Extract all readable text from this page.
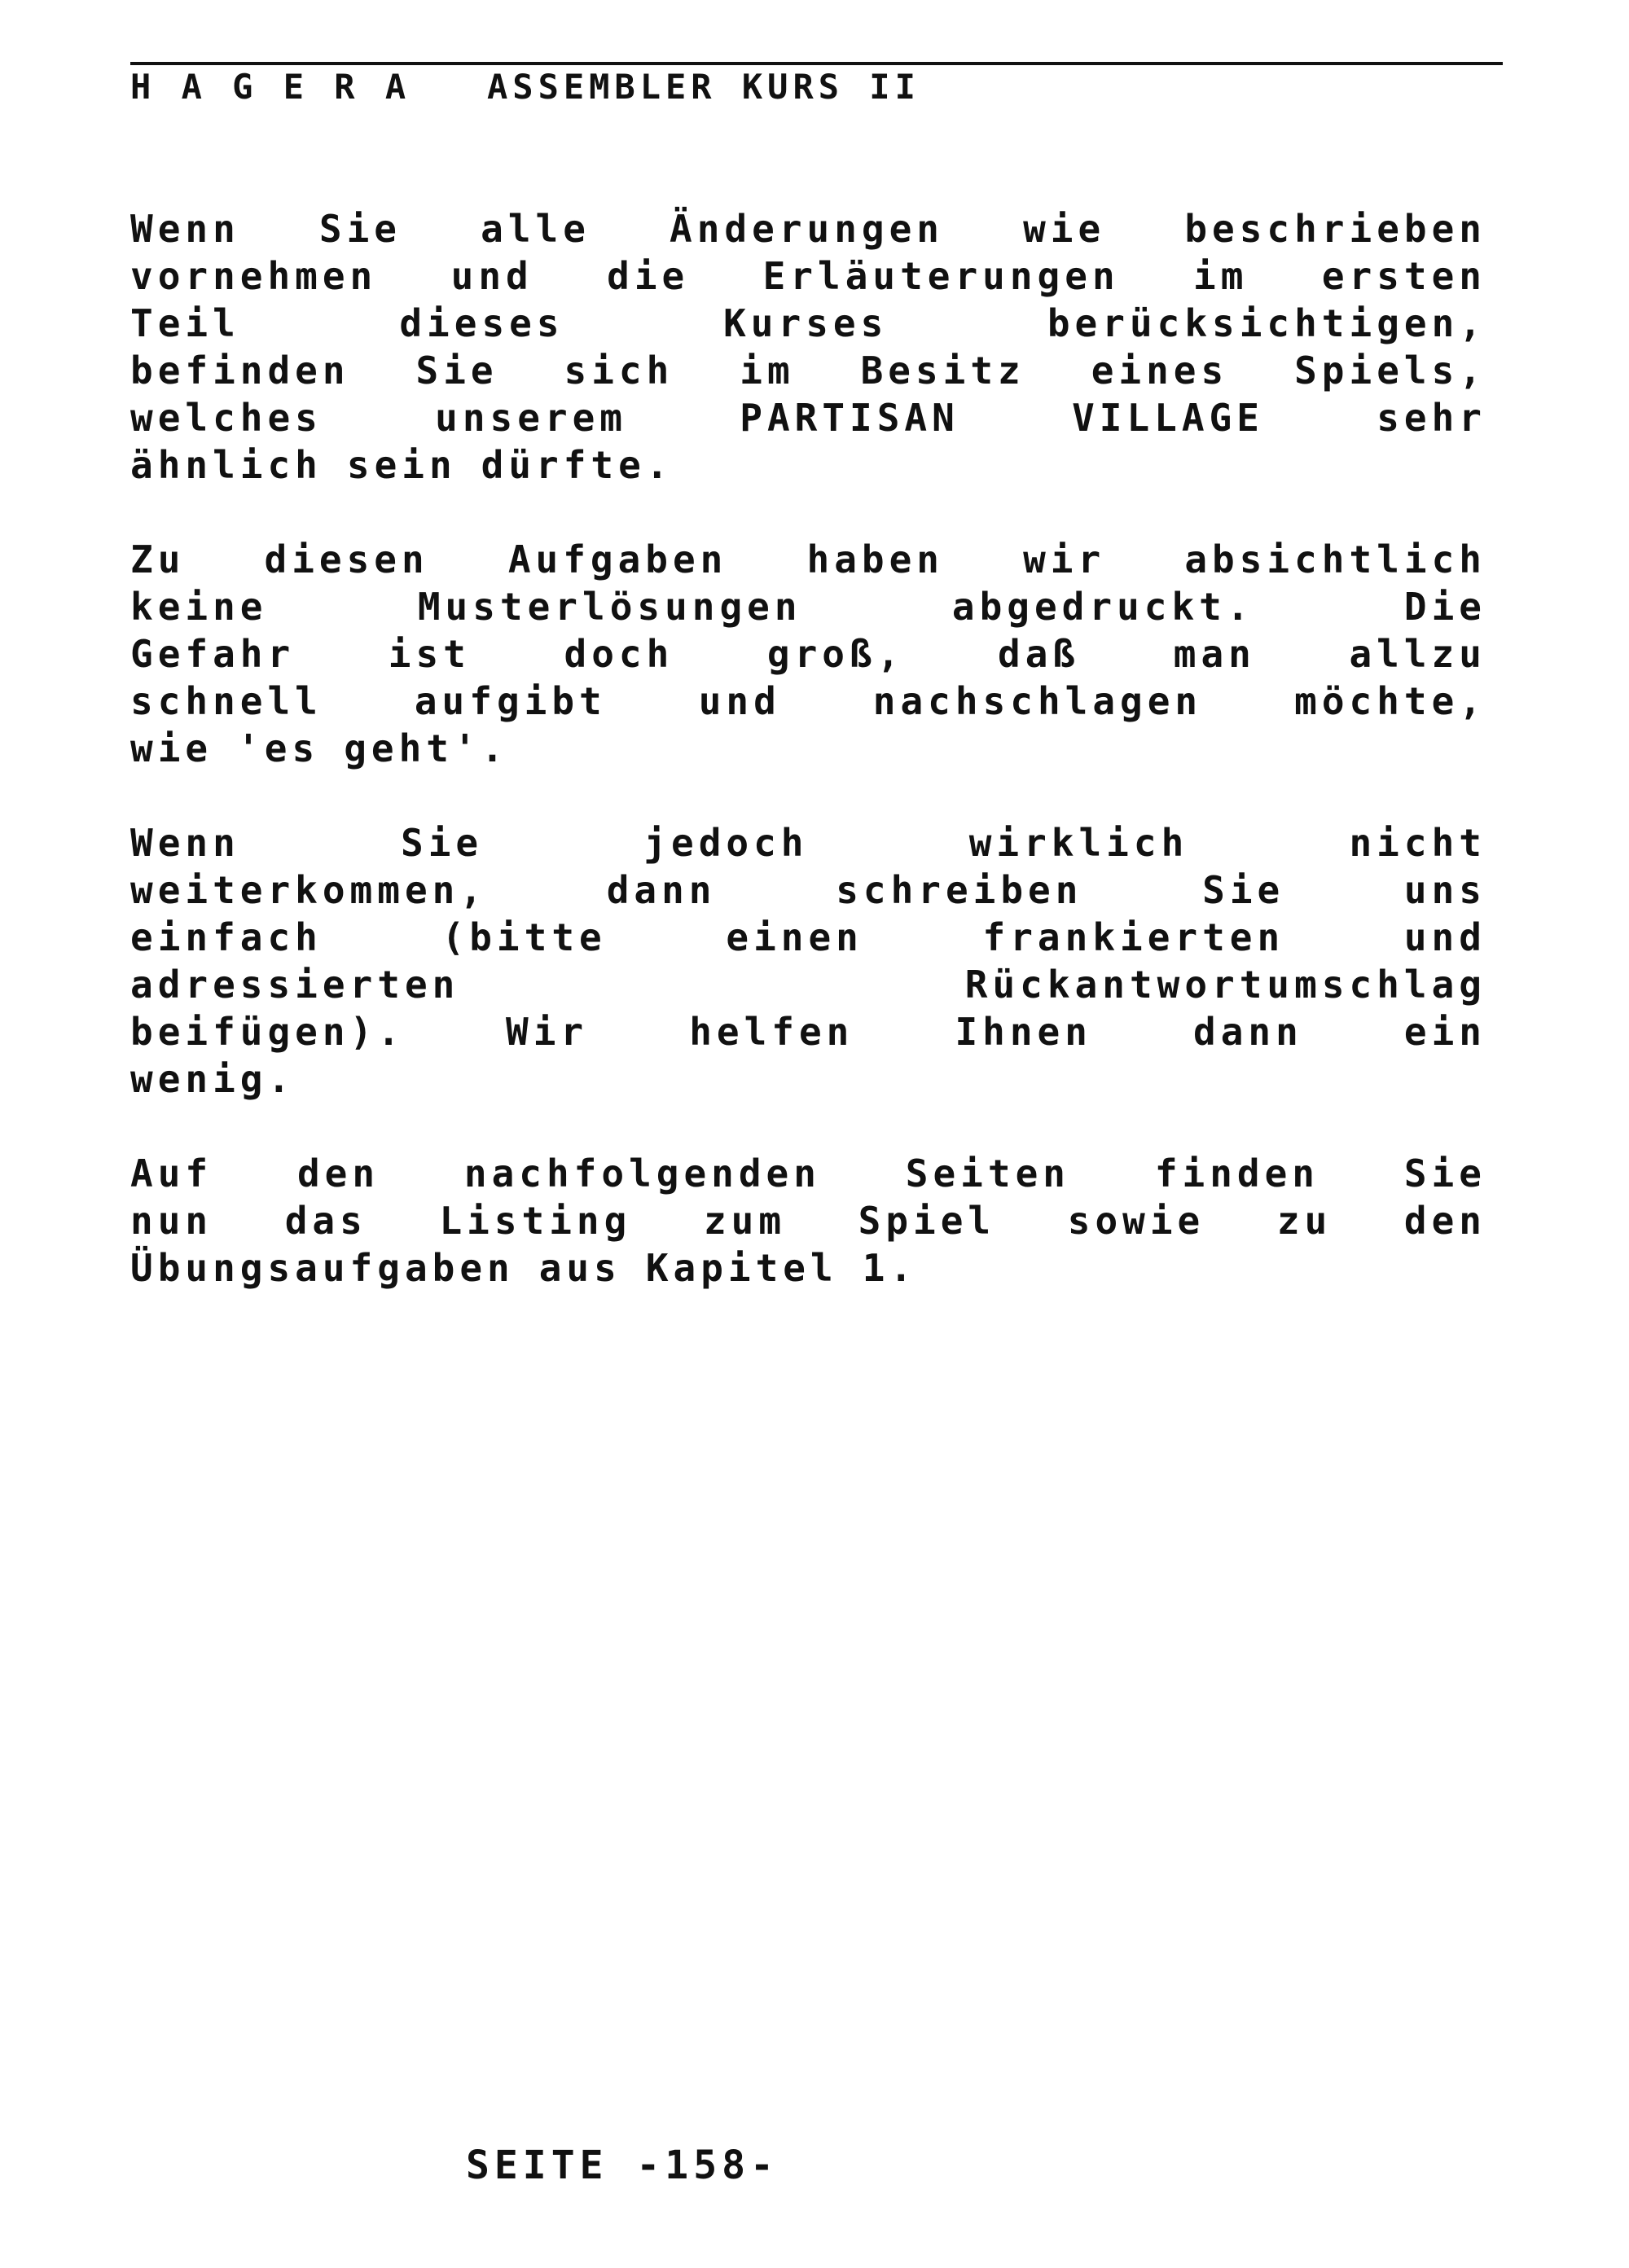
H A G E R A   ASSEMBLER KURS II
Wenn Sie alle Änderungen wie beschrieben
vornehmen und die Erläuterungen im ersten
Teil	dieses	Kurses	berücksichtigen,
befinden Sie sich im Besitz eines Spiels,
welches	unserem	PARTISAN	VILLAGE	sehr
ähnlich sein dürfte.
Zu diesen Aufgaben haben wir absichtlich
keine	Musterlösungen	abgedruckt.	Die
Gefahr ist doch groß, daß man allzu
schnell aufgibt und nachschlagen möchte,
wie 'es geht'.
Wenn	Sie	jedoch	wirklich	nicht
weiterkommen,	dann	schreiben	Sie	uns
einfach	(bitte	einen	frankierten	und
adressierten	Rückantwortumschlag
beifügen).	Wir	helfen	Ihnen	dann	ein
wenig.
Auf den nachfolgenden Seiten finden Sie
nun das Listing zum Spiel sowie zu den
Übungsaufgaben aus Kapitel 1.
SEITE -158-
